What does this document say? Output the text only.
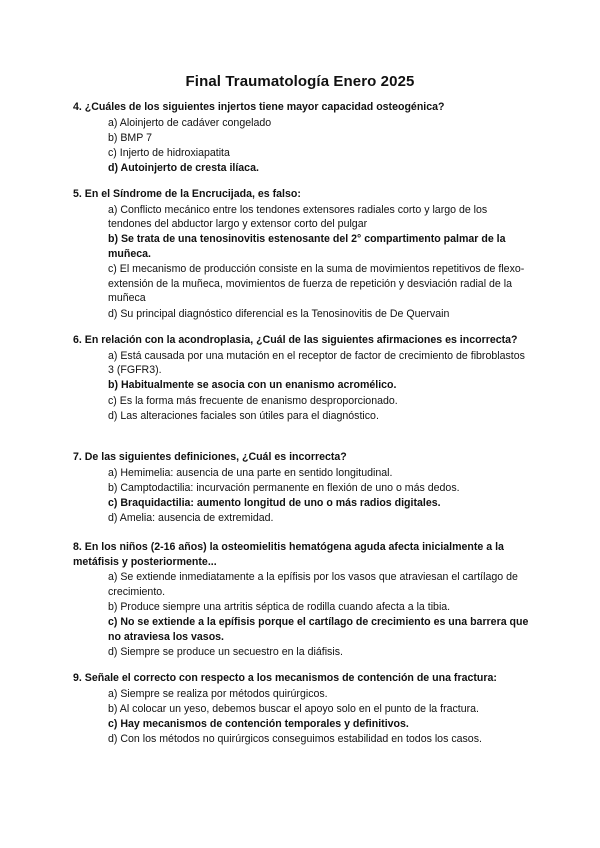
Final Traumatología Enero 2025
4. ¿Cuáles de los siguientes injertos tiene mayor capacidad osteogénica?
a) Aloinjerto de cadáver congelado
b) BMP 7
c) Injerto de hidroxiapatita
d) Autoinjerto de cresta ilíaca.
5. En el Síndrome de la Encrucijada, es falso:
a) Conflicto mecánico entre los tendones extensores radiales corto y largo de los tendones del abductor largo y extensor corto del pulgar
b) Se trata de una tenosinovitis estenosante del 2° compartimento palmar de la muñeca.
c) El mecanismo de producción consiste en la suma de movimientos repetitivos de flexo-extensión de la muñeca, movimientos de fuerza de repetición y desviación radial de la muñeca
d) Su principal diagnóstico diferencial es la Tenosinovitis de De Quervain
6. En relación con la acondroplasia, ¿Cuál de las siguientes afirmaciones es incorrecta?
a) Está causada por una mutación en el receptor de factor de crecimiento de fibroblastos 3 (FGFR3).
b) Habitualmente se asocia con un enanismo acromélico.
c) Es la forma más frecuente de enanismo desproporcionado.
d) Las alteraciones faciales son útiles para el diagnóstico.
7. De las siguientes definiciones, ¿Cuál es incorrecta?
a) Hemimelia: ausencia de una parte en sentido longitudinal.
b) Camptodactilia: incurvación permanente en flexión de uno o más dedos.
c) Braquidactilia: aumento longitud de uno o más radios digitales.
d) Amelia: ausencia de extremidad.
8. En los niños (2-16 años) la osteomielitis hematógena aguda afecta inicialmente a la metáfisis y posteriormente...
a) Se extiende inmediatamente a la epífisis por los vasos que atraviesan el cartílago de crecimiento.
b) Produce siempre una artritis séptica de rodilla cuando afecta a la tibia.
c) No se extiende a la epífisis porque el cartílago de crecimiento es una barrera que no atraviesa los vasos.
d) Siempre se produce un secuestro en la diáfisis.
9. Señale el correcto con respecto a los mecanismos de contención de una fractura:
a) Siempre se realiza por métodos quirúrgicos.
b) Al colocar un yeso, debemos buscar el apoyo solo en el punto de la fractura.
c) Hay mecanismos de contención temporales y definitivos.
d) Con los métodos no quirúrgicos conseguimos estabilidad en todos los casos.
